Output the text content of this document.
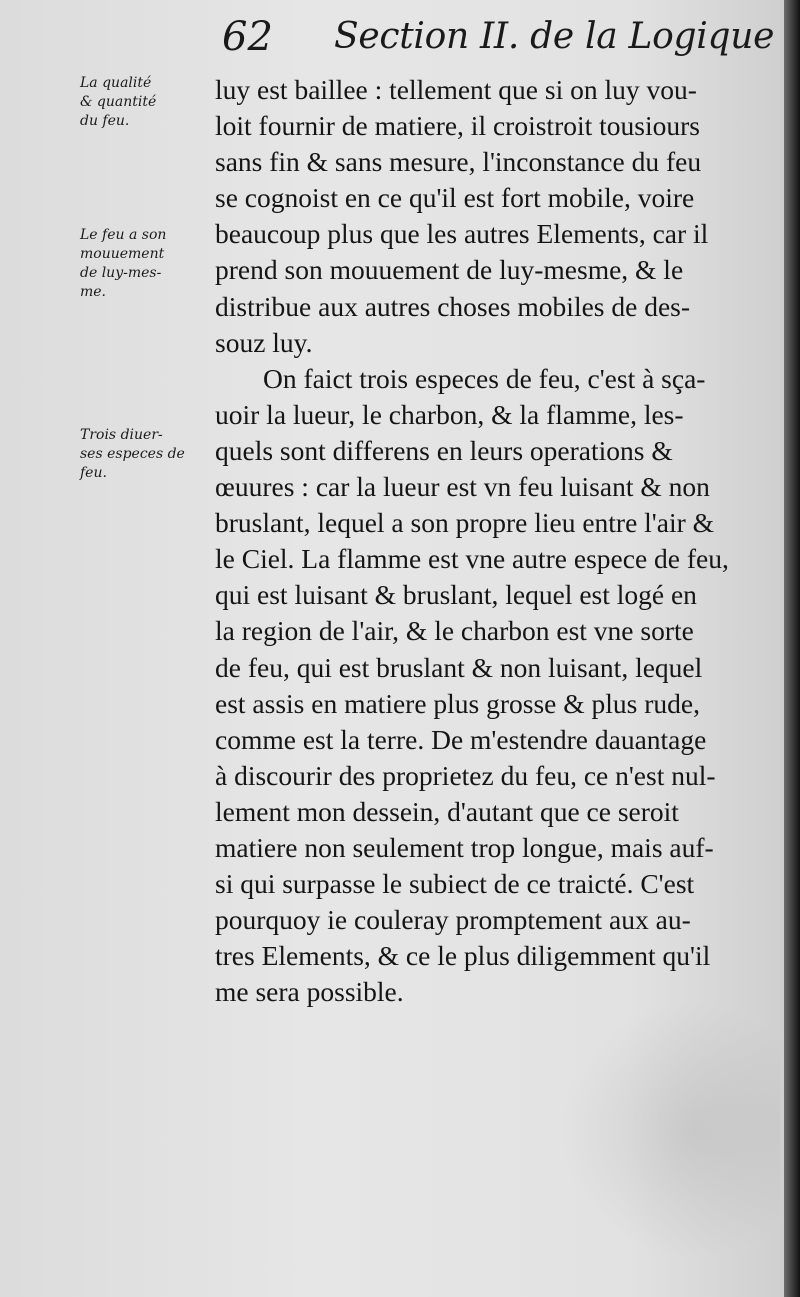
62 Section II. de la Logique
La qualité
& quantité
du feu.
Le feu a son
mouuement
de luy-mes-
me.
Trois diuer-
ses especes de
feu.
luy est baillee : tellement que si on luy vou-
loit fournir de matiere, il croistroit tousiours
sans fin & sans mesure, l'inconstance du feu
se cognoist en ce qu'il est fort mobile, voire
beaucoup plus que les autres Elements, car il
prend son mouuement de luy-mesme, & le
distribue aux autres choses mobiles de des-
souz luy.
On faict trois especes de feu, c'est à sça-
uoir la lueur, le charbon, & la flamme, les-
quels sont differens en leurs operations &
œuures : car la lueur est vn feu luisant & non
bruslant, lequel a son propre lieu entre l'air &
le Ciel. La flamme est vne autre espece de feu,
qui est luisant & bruslant, lequel est logé en
la region de l'air, & le charbon est vne sorte
de feu, qui est bruslant & non luisant, lequel
est assis en matiere plus grosse & plus rude,
comme est la terre. De m'estendre dauantage
à discourir des proprietez du feu, ce n'est nul-
lement mon dessein, d'autant que ce seroit
matiere non seulement trop longue, mais auf-
si qui surpasse le subiect de ce traicté. C'est
pourquoy ie couleray promptement aux au-
tres Elements, & ce le plus diligemment qu'il
me sera possible.
